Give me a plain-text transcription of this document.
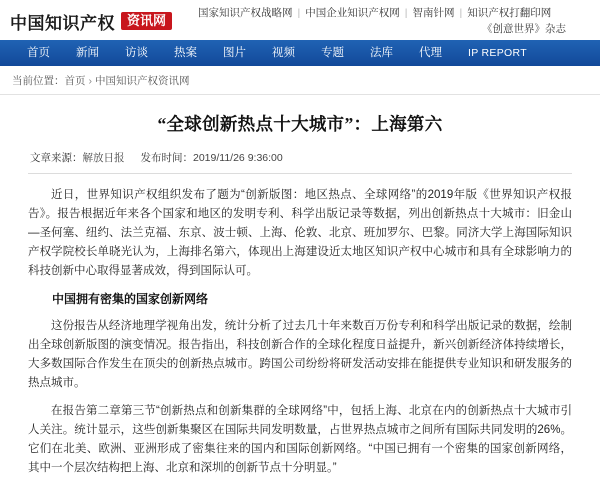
中国知识产权 资讯网	国家知识产权战略网 | 中国企业知识产权网 | 智南针网 | 知识产权打翻印网
《创意世界》杂志
首页	新闻	访谈	热案	图片	视频	专题	法库	代理	IP REPORT
当前位置：首页 › 中国知识产权资讯网
“全球创新热点十大城市”：上海第六
文章来源：解放日报 发布时间：2019/11/26 9:36:00

近日，世界知识产权组织发布了题为“创新版图：地区热点、全球网络”的2019年版《世界知识产权报告》。报告根据近年来各个国家和地区的发明专利、科学出版记录等数据，列出创新热点十大城市：旧金山—圣何塞、纽约、法兰克福、东京、波士顿、上海、伦敦、北京、班加罗尔、巴黎。同济大学上海国际知识产权学院校长单晓光认为，上海排名第六，体现出上海建设近太地区知识产权中心城市和具有全球影响力的科技创新中心取得显著成效，得到国际认可。

中国拥有密集的国家创新网络

这份报告从经济地理学视角出发，统计分析了过去几十年来数百万份专利和科学出版记录的数据，绘制出全球创新版图的演变情况。报告指出，科技创新合作的全球化程度日益提升，新兴创新经济体持续增长，大多数国际合作发生在顶尖的创新热点城市。跨国公司纷纷将研发活动安排在能提供专业知识和研发服务的热点城市。

在报告第二章第三节“创新热点和创新集群的全球网络”中，包括上海、北京在内的创新热点十大城市引人关注。统计显示，这些创新集聚区在国际共同发明数量，占世界热点城市之间所有国际共同发明的26%。它们在北美、欧洲、亚洲形成了密集往来的国内和国际创新网络。“中国已拥有一个密集的国家创新网络，其中一个层次结构把上海、北京和深圳的创新节点十分明显。”
